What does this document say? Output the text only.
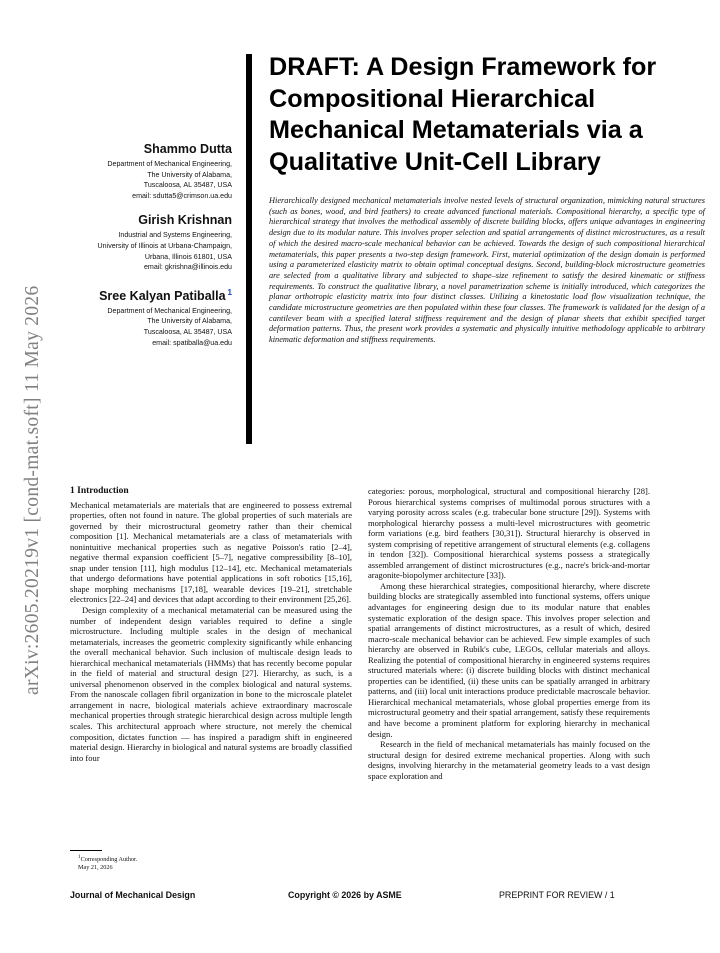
arXiv:2605.20219v1 [cond-mat.soft] 11 May 2026
Shammo Dutta
Department of Mechanical Engineering,
The University of Alabama,
Tuscaloosa, AL 35487, USA
email: sdutta5@crimson.ua.edu
Girish Krishnan
Industrial and Systems Engineering,
University of Illinois at Urbana-Champaign,
Urbana, Illinois 61801, USA
email: gkrishna@illinois.edu
Sree Kalyan Patiballa $^1$
Department of Mechanical Engineering,
The University of Alabama,
Tuscaloosa, AL 35487, USA
email: spatiballa@ua.edu
DRAFT: A Design Framework for Compositional Hierarchical Mechanical Metamaterials via a Qualitative Unit-Cell Library
Hierarchically designed mechanical metamaterials involve nested levels of structural organization, mimicking natural structures (such as bones, wood, and bird feathers) to create advanced functional materials. Compositional hierarchy, a specific type of hierarchical strategy that involves the methodical assembly of discrete building blocks, offers unique advantages in engineering design due to its modular nature. This involves proper selection and spatial arrangements of distinct microstructures, as a result of which the desired macro-scale mechanical behavior can be achieved. Towards the design of such compositional hierarchical metamaterials, this paper presents a two-step design framework. First, material optimization of the design domain is performed using a parameterized elasticity matrix to obtain optimal conceptual designs. Second, building-block microstructure geometries are selected from a qualitative library and subjected to shape–size refinement to satisfy the desired kinematic or stiffness requirements. To construct the qualitative library, a novel parametrization scheme is initially introduced, which categorizes the planar orthotropic elasticity matrix into four distinct classes. Utilizing a kinetostatic load flow visualization technique, the candidate microstructure geometries are then populated within these four classes. The framework is validated for the design of a cantilever beam with a specified lateral stiffness requirement and the design of planar sheets that exhibit specified target deformation patterns. Thus, the present work provides a systematic and physically intuitive methodology applicable to arbitrary kinematic deformation and stiffness requirements.
1 Introduction

Mechanical metamaterials are materials that are engineered to possess extremal properties, often not found in nature. The global properties of such materials are governed by their microstructural geometry rather than their chemical composition [1]. Mechanical metamaterials are a class of metamaterials with nonintuitive mechanical properties such as negative Poisson's ratio [2–4], negative thermal expansion coefficient [5–7], negative compressibility [8–10], snap under tension [11], high modulus [12–14], etc. Mechanical metamaterials that undergo deformations have potential applications in soft robotics [15,16], shape morphing mechanisms [17,18], wearable devices [19–21], stretchable electronics [22–24] and devices that adapt according to their environment [25,26].

Design complexity of a mechanical metamaterial can be measured using the number of independent design variables required to define a single microstructure. Including multiple scales in the design of mechanical metamaterials, increases the geometric complexity significantly while enhancing the overall mechanical behavior. Such inclusion of multiscale design leads to hierarchical mechanical metamaterials (HMMs) that has recently become popular in the field of material and structural design [27]. Hierarchy, as such, is a universal phenomenon observed in the complex biological and natural systems. From the nanoscale collagen fibril organization in bone to the microscale platelet arrangement in nacre, biological materials achieve extraordinary macroscale mechanical properties through strategic hierarchical design across multiple length scales. This architectural approach where structure, not merely the chemical composition, dictates function — has inspired a paradigm shift in engineered material design. Hierarchy in biological and natural systems are broadly classified into four

categories: porous, morphological, structural and compositional hierarchy [28]. Porous hierarchical systems comprises of multimodal porous structures with a varying porosity across scales (e.g. trabecular bone structure [29]). Systems with morphological hierarchy possess a multi-level microstructures with geometric form variations (e.g. bird feathers [30,31]). Structural hierarchy is observed in system comprising of repetitive arrangement of structural elements (e.g. collagens in tendon [32]). Compositional hierarchical systems possess a strategically assembled arrangement of distinct microstructures (e.g., nacre's brick-and-mortar aragonite-biopolymer architecture [33]).

Among these hierarchical strategies, compositional hierarchy, where discrete building blocks are strategically assembled into functional systems, offers unique advantages for engineering design due to its modular nature that enables systematic exploration of the design space. This involves proper selection and spatial arrangements of distinct microstructures, as a result of which, desired macro-scale mechanical behavior can be achieved. Few simple examples of such hierarchy are observed in Rubik's cube, LEGOs, cellular materials and alloys. Realizing the potential of compositional hierarchy in engineered systems requires structured materials where: (i) discrete building blocks with distinct mechanical properties can be identified, (ii) these units can be spatially arranged in arbitrary patterns, and (iii) local unit interactions produce predictable macroscale behavior. Hierarchical mechanical metamaterials, whose global properties emerge from its microstructural geometry and their spatial arrangement, satisfy these requirements and have become a prominent platform for exploring hierarchy in mechanical design.

Research in the field of mechanical metamaterials has mainly focused on the structural design for desired extreme mechanical properties. Along with such designs, involving hierarchy in the metamaterial geometry leads to a vast design space exploration and

$^1$Corresponding Author.
May 21, 2026
Journal of Mechanical Design	Copyright © 2026 by ASME	PREPRINT FOR REVIEW / 1
